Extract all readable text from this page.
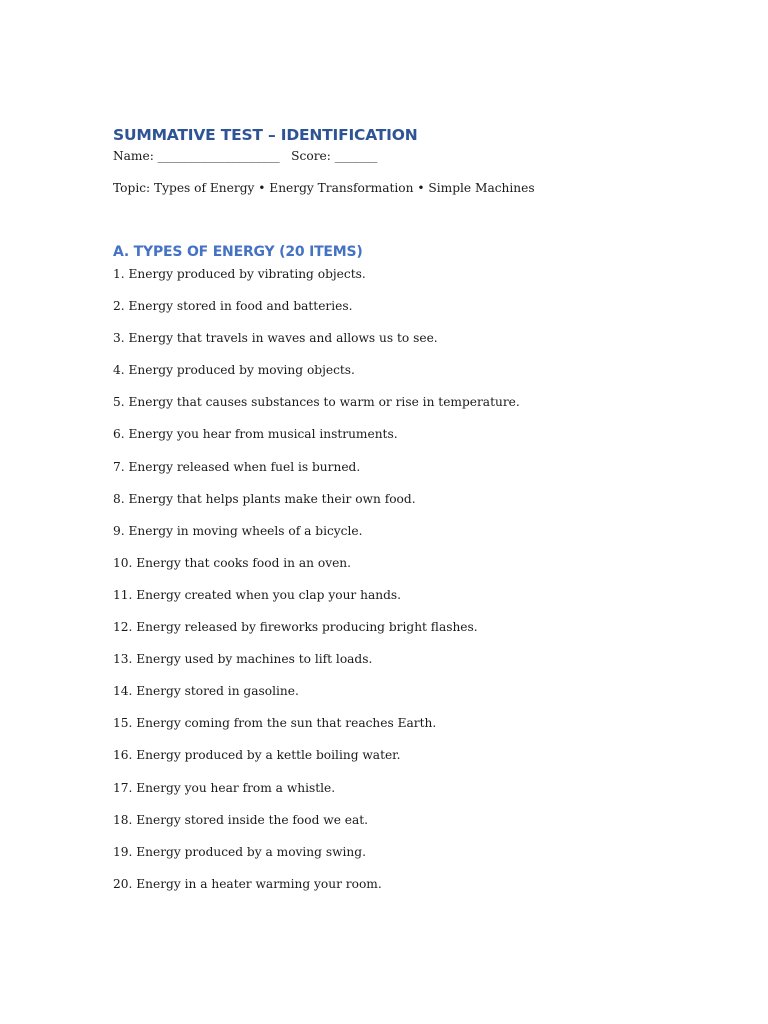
SUMMATIVE TEST – IDENTIFICATION

Name: ____________________   Score: _______

Topic: Types of Energy • Energy Transformation • Simple Machines

A. TYPES OF ENERGY (20 ITEMS)
1. Energy produced by vibrating objects.
2. Energy stored in food and batteries.
3. Energy that travels in waves and allows us to see.
4. Energy produced by moving objects.
5. Energy that causes substances to warm or rise in temperature.
6. Energy you hear from musical instruments.
7. Energy released when fuel is burned.
8. Energy that helps plants make their own food.
9. Energy in moving wheels of a bicycle.
10. Energy that cooks food in an oven.
11. Energy created when you clap your hands.
12. Energy released by fireworks producing bright flashes.
13. Energy used by machines to lift loads.
14. Energy stored in gasoline.
15. Energy coming from the sun that reaches Earth.
16. Energy produced by a kettle boiling water.
17. Energy you hear from a whistle.
18. Energy stored inside the food we eat.
19. Energy produced by a moving swing.
20. Energy in a heater warming your room.
